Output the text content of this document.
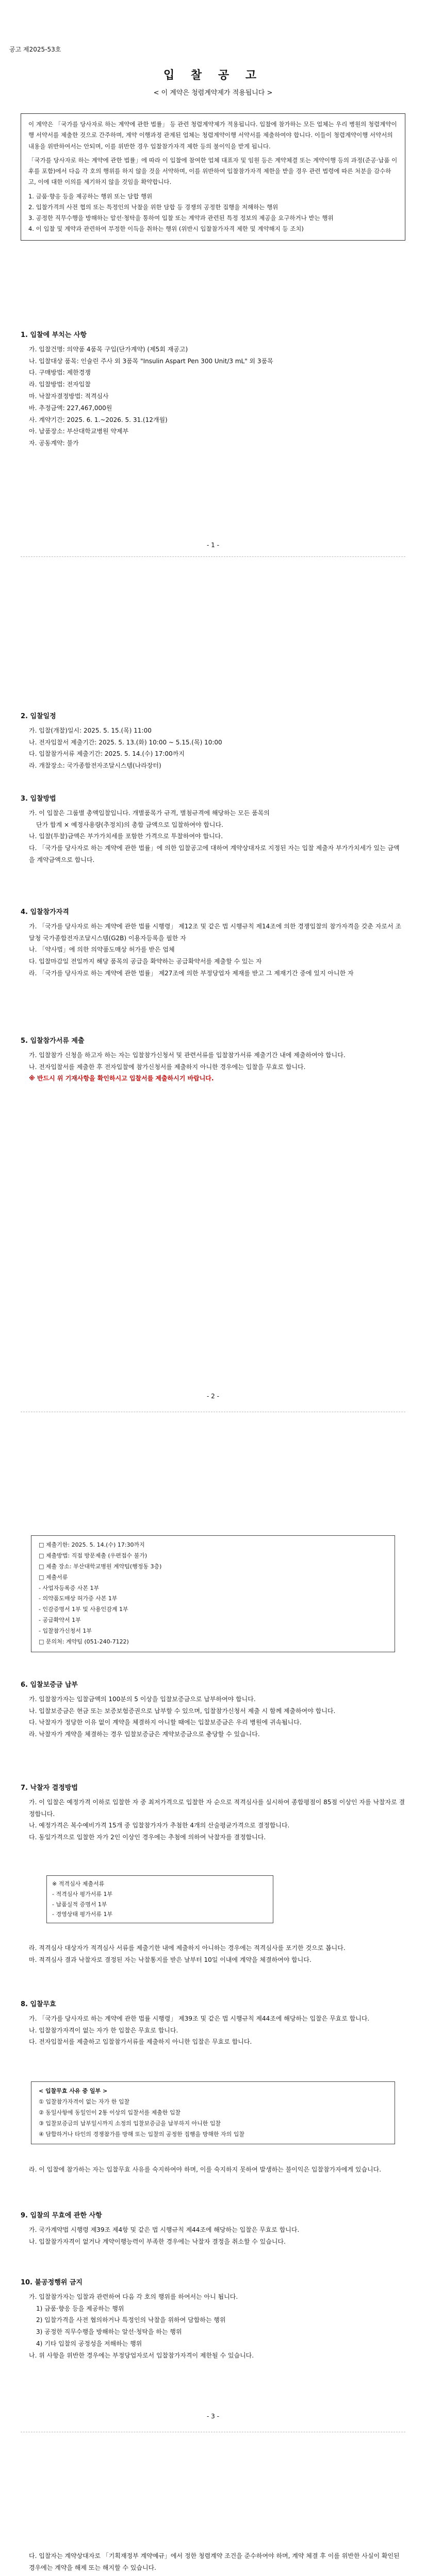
공고 제2025-53호
입 찰 공 고
< 이 계약은 청렴계약제가 적용됩니다 >

이 계약은 「국가를 당사자로 하는 계약에 관한 법률」 등 관련 청렴계약제가 적용됩니다. 입찰에 참가하는 모든 업체는 우리 병원의 청렴계약이행 서약서를 제출한 것으로 간주하며, 계약 이행과정 관계된 업체는 청렴계약이행 서약서를 제출하여야 합니다. 이들이 청렴계약이행 서약서의 내용을 위반하여서는 안되며, 이를 위반한 경우 입찰참가자격 제한 등의 불이익을 받게 됩니다.

「국가를 당사자로 하는 계약에 관한 법률」에 따라 이 입찰에 참여한 업체 대표자 및 임원 등은 계약체결 또는 계약이행 등의 과정(준공·납품 이후를 포함)에서 다음 각 호의 행위를 하지 않을 것을 서약하며, 이를 위반하여 입찰참가자격 제한을 받을 경우 관련 법령에 따른 처분을 감수하고, 이에 대한 이의를 제기하지 않을 것임을 확약합니다.

1. 금품·향응 등을 제공하는 행위 또는 담합 행위
2. 입찰가격의 사전 협의 또는 특정인의 낙찰을 위한 담합 등 경쟁의 공정한 집행을 저해하는 행위
3. 공정한 직무수행을 방해하는 알선·청탁을 통하여 입찰 또는 계약과 관련된 특정 정보의 제공을 요구하거나 받는 행위
4. 이 입찰 및 계약과 관련하여 부정한 이득을 취하는 행위 (위반시 입찰참가자격 제한 및 계약해지 등 조치)
1. 입찰에 부치는 사항

가. 입찰건명: 의약품 4품목 구입(단가계약) (제5회 재공고)

나. 입찰대상 품목: 인슐린 주사 외 3품목 "Insulin Aspart Pen 300 Unit/3 mL" 외 3품목

다. 구매방법: 제한경쟁

라. 입찰방법: 전자입찰

마. 낙찰자결정방법: 적격심사

바. 추정금액: 227,467,000원

사. 계약기간: 2025. 6. 1.~2026. 5. 31.(12개월)

아. 납품장소: 부산대학교병원 약제부

자. 공동계약: 불가

- 1 -
2. 입찰일정

가. 입찰(개찰)일시: 2025. 5. 15.(목) 11:00

나. 전자입찰서 제출기간: 2025. 5. 13.(화) 10:00 ~ 5.15.(목) 10:00

다. 입찰참가서류 제출기간: 2025. 5. 14.(수) 17:00까지

라. 개찰장소: 국가종합전자조달시스템(나라장터)

3. 입찰방법

가. 이 입찰은 그룹별 총액입찰입니다. 개별품목가 규격, 별첨규격에 해당하는 모든 품목의

단가 합계 × 예정사용량(추정치)의 총합 금액으로 입찰하여야 합니다.

나. 입찰(투찰)금액은 부가가치세를 포함한 가격으로 투찰하여야 합니다.

다. 「국가를 당사자로 하는 계약에 관한 법률」에 의한 입찰공고에 대하여 계약상대자로 지정된 자는 입찰 제출자 부가가치세가 있는 금액을 계약금액으로 합니다.

4. 입찰참가자격

가. 「국가를 당사자로 하는 계약에 관한 법률 시행령」 제12조 및 같은 법 시행규칙 제14조에 의한 경쟁입찰의 참가자격을 갖춘 자로서 조달청 국가종합전자조달시스템(G2B) 이용자등록을 필한 자

나. 「약사법」에 의한 의약품도매상 허가를 받은 업체

다. 입찰마감일 전일까지 해당 품목의 공급을 확약하는 공급확약서를 제출할 수 있는 자

라. 「국가를 당사자로 하는 계약에 관한 법률」 제27조에 의한 부정당업자 제재를 받고 그 제재기간 중에 있지 아니한 자

5. 입찰참가서류 제출

가. 입찰참가 신청을 하고자 하는 자는 입찰참가신청서 및 관련서류를 입찰참가서류 제출기간 내에 제출하여야 합니다.

나. 전자입찰서를 제출한 후 전자입찰에 참가신청서를 제출하지 아니한 경우에는 입찰을 무효로 합니다.

※ 반드시 위 기재사항을 확인하시고 입찰서를 제출하시기 바랍니다.

- 2 -
□ 제출기한: 2025. 5. 14.(수) 17:30까지
□ 제출방법: 직접 방문제출 (우편접수 불가)
□ 제출 장소: 부산대학교병원 계약팀(행정동 3층)
□ 제출서류
- 사업자등록증 사본 1부
- 의약품도매상 허가증 사본 1부
- 인감증명서 1부 및 사용인감계 1부
- 공급확약서 1부
- 입찰참가신청서 1부
□ 문의처: 계약팀 (051-240-7122)
6. 입찰보증금 납부

가. 입찰참가자는 입찰금액의 100분의 5 이상을 입찰보증금으로 납부하여야 합니다.

나. 입찰보증금은 현금 또는 보증보험증권으로 납부할 수 있으며, 입찰참가신청서 제출 시 함께 제출하여야 합니다.

다. 낙찰자가 정당한 이유 없이 계약을 체결하지 아니할 때에는 입찰보증금은 우리 병원에 귀속됩니다.

라. 낙찰자가 계약을 체결하는 경우 입찰보증금은 계약보증금으로 충당할 수 있습니다.

7. 낙찰자 결정방법

가. 이 입찰은 예정가격 이하로 입찰한 자 중 최저가격으로 입찰한 자 순으로 적격심사를 실시하여 종합평점이 85점 이상인 자를 낙찰자로 결정합니다.

나. 예정가격은 복수예비가격 15개 중 입찰참가자가 추첨한 4개의 산술평균가격으로 결정합니다.

다. 동일가격으로 입찰한 자가 2인 이상인 경우에는 추첨에 의하여 낙찰자를 결정합니다.

※ 적격심사 제출서류
- 적격심사 평가서류 1부
- 납품실적 증명서 1부
- 경영상태 평가서류 1부

라. 적격심사 대상자가 적격심사 서류를 제출기한 내에 제출하지 아니하는 경우에는 적격심사를 포기한 것으로 봅니다.

마. 적격심사 결과 낙찰자로 결정된 자는 낙찰통지를 받은 날부터 10일 이내에 계약을 체결하여야 합니다.

8. 입찰무효

가. 「국가를 당사자로 하는 계약에 관한 법률 시행령」 제39조 및 같은 법 시행규칙 제44조에 해당하는 입찰은 무효로 합니다.

나. 입찰참가자격이 없는 자가 한 입찰은 무효로 합니다.

다. 전자입찰서를 제출하고 입찰참가서류를 제출하지 아니한 입찰은 무효로 합니다.

< 입찰무효 사유 중 일부 >
① 입찰참가자격이 없는 자가 한 입찰
② 동일사항에 동일인이 2통 이상의 입찰서를 제출한 입찰
③ 입찰보증금의 납부일시까지 소정의 입찰보증금을 납부하지 아니한 입찰
④ 담합하거나 타인의 경쟁참가를 방해 또는 입찰의 공정한 집행을 방해한 자의 입찰

라. 이 입찰에 참가하는 자는 입찰무효 사유를 숙지하여야 하며, 이를 숙지하지 못하여 발생하는 불이익은 입찰참가자에게 있습니다.

9. 입찰의 무효에 관한 사항

가. 국가계약법 시행령 제39조 제4항 및 같은 법 시행규칙 제44조에 해당하는 입찰은 무효로 합니다.

나. 입찰참가자격이 없거나 계약이행능력이 부족한 경우에는 낙찰자 결정을 취소할 수 있습니다.

10. 불공정행위 금지

가. 입찰참가자는 입찰과 관련하여 다음 각 호의 행위를 하여서는 아니 됩니다.

1) 금품·향응 등을 제공하는 행위

2) 입찰가격을 사전 협의하거나 특정인의 낙찰을 위하여 담합하는 행위

3) 공정한 직무수행을 방해하는 알선·청탁을 하는 행위

4) 기타 입찰의 공정성을 저해하는 행위

나. 위 사항을 위반한 경우에는 부정당업자로서 입찰참가자격이 제한될 수 있습니다.

- 3 -

다. 입찰자는 계약상대자로 「기획재정부 계약예규」에서 정한 청렴계약 조건을 준수하여야 하며, 계약 체결 후 이를 위반한 사실이 확인된 경우에는 계약을 해제 또는 해지할 수 있습니다.
